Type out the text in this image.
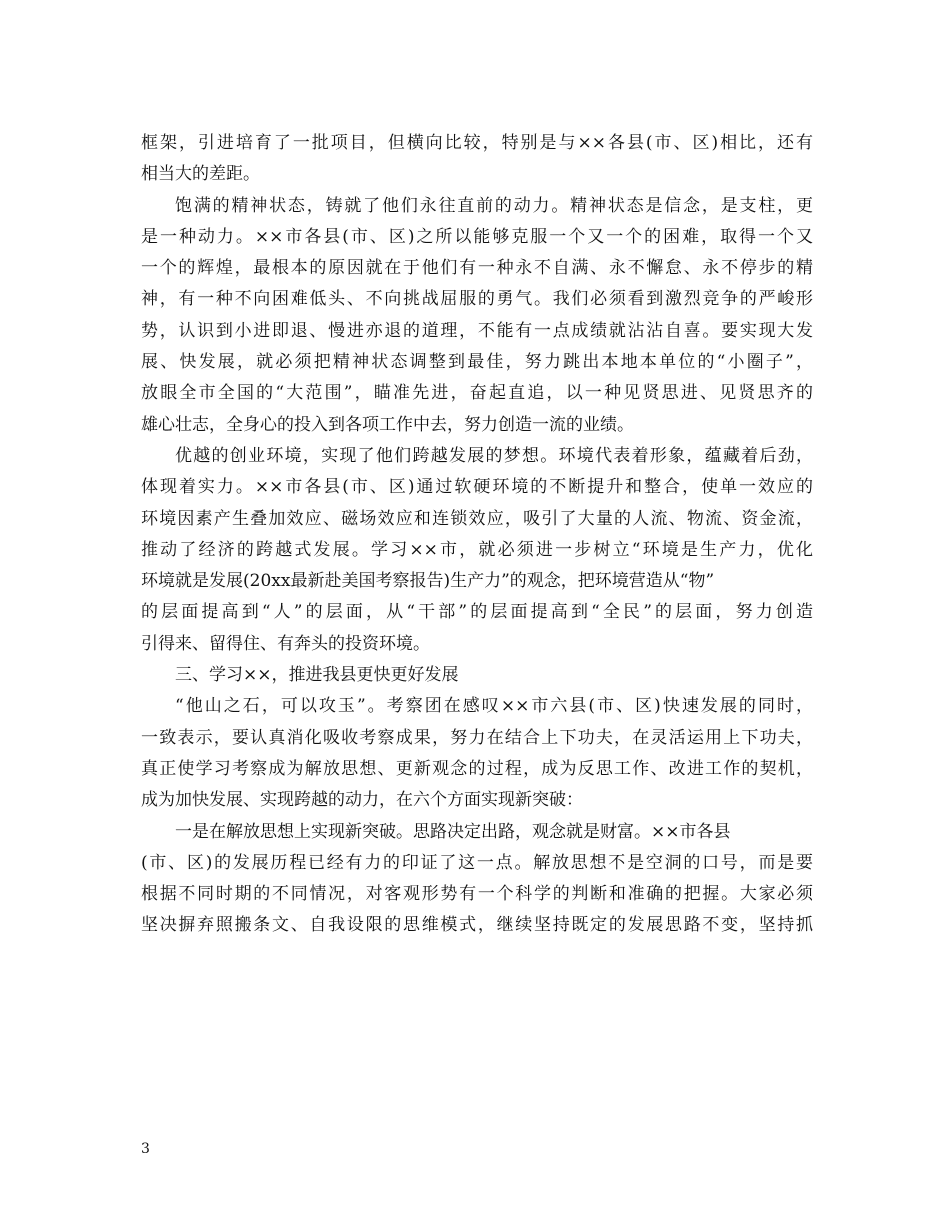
框架，引进培育了一批项目，但横向比较，特别是与××各县(市、区)相比，还有
相当大的差距。
饱满的精神状态，铸就了他们永往直前的动力。精神状态是信念，是支柱，更
是一种动力。××市各县(市、区)之所以能够克服一个又一个的困难，取得一个又
一个的辉煌，最根本的原因就在于他们有一种永不自满、永不懈怠、永不停步的精
神，有一种不向困难低头、不向挑战屈服的勇气。我们必须看到激烈竞争的严峻形
势，认识到小进即退、慢进亦退的道理，不能有一点成绩就沾沾自喜。要实现大发
展、快发展，就必须把精神状态调整到最佳，努力跳出本地本单位的“小圈子”，
放眼全市全国的“大范围”，瞄准先进，奋起直追，以一种见贤思进、见贤思齐的
雄心壮志，全身心的投入到各项工作中去，努力创造一流的业绩。
优越的创业环境，实现了他们跨越发展的梦想。环境代表着形象，蕴藏着后劲，
体现着实力。××市各县(市、区)通过软硬环境的不断提升和整合，使单一效应的
环境因素产生叠加效应、磁场效应和连锁效应，吸引了大量的人流、物流、资金流，
推动了经济的跨越式发展。学习××市，就必须进一步树立“环境是生产力，优化
环境就是发展(20xx最新赴美国考察报告)生产力”的观念，把环境营造从“物”
的层面提高到“人”的层面，从“干部”的层面提高到“全民”的层面，努力创造
引得来、留得住、有奔头的投资环境。
三、学习××，推进我县更快更好发展
“他山之石，可以攻玉”。考察团在感叹××市六县(市、区)快速发展的同时，
一致表示，要认真消化吸收考察成果，努力在结合上下功夫，在灵活运用上下功夫，
真正使学习考察成为解放思想、更新观念的过程，成为反思工作、改进工作的契机，
成为加快发展、实现跨越的动力，在六个方面实现新突破：
一是在解放思想上实现新突破。思路决定出路，观念就是财富。××市各县
(市、区)的发展历程已经有力的印证了这一点。解放思想不是空洞的口号，而是要
根据不同时期的不同情况，对客观形势有一个科学的判断和准确的把握。大家必须
坚决摒弃照搬条文、自我设限的思维模式，继续坚持既定的发展思路不变，坚持抓
3
